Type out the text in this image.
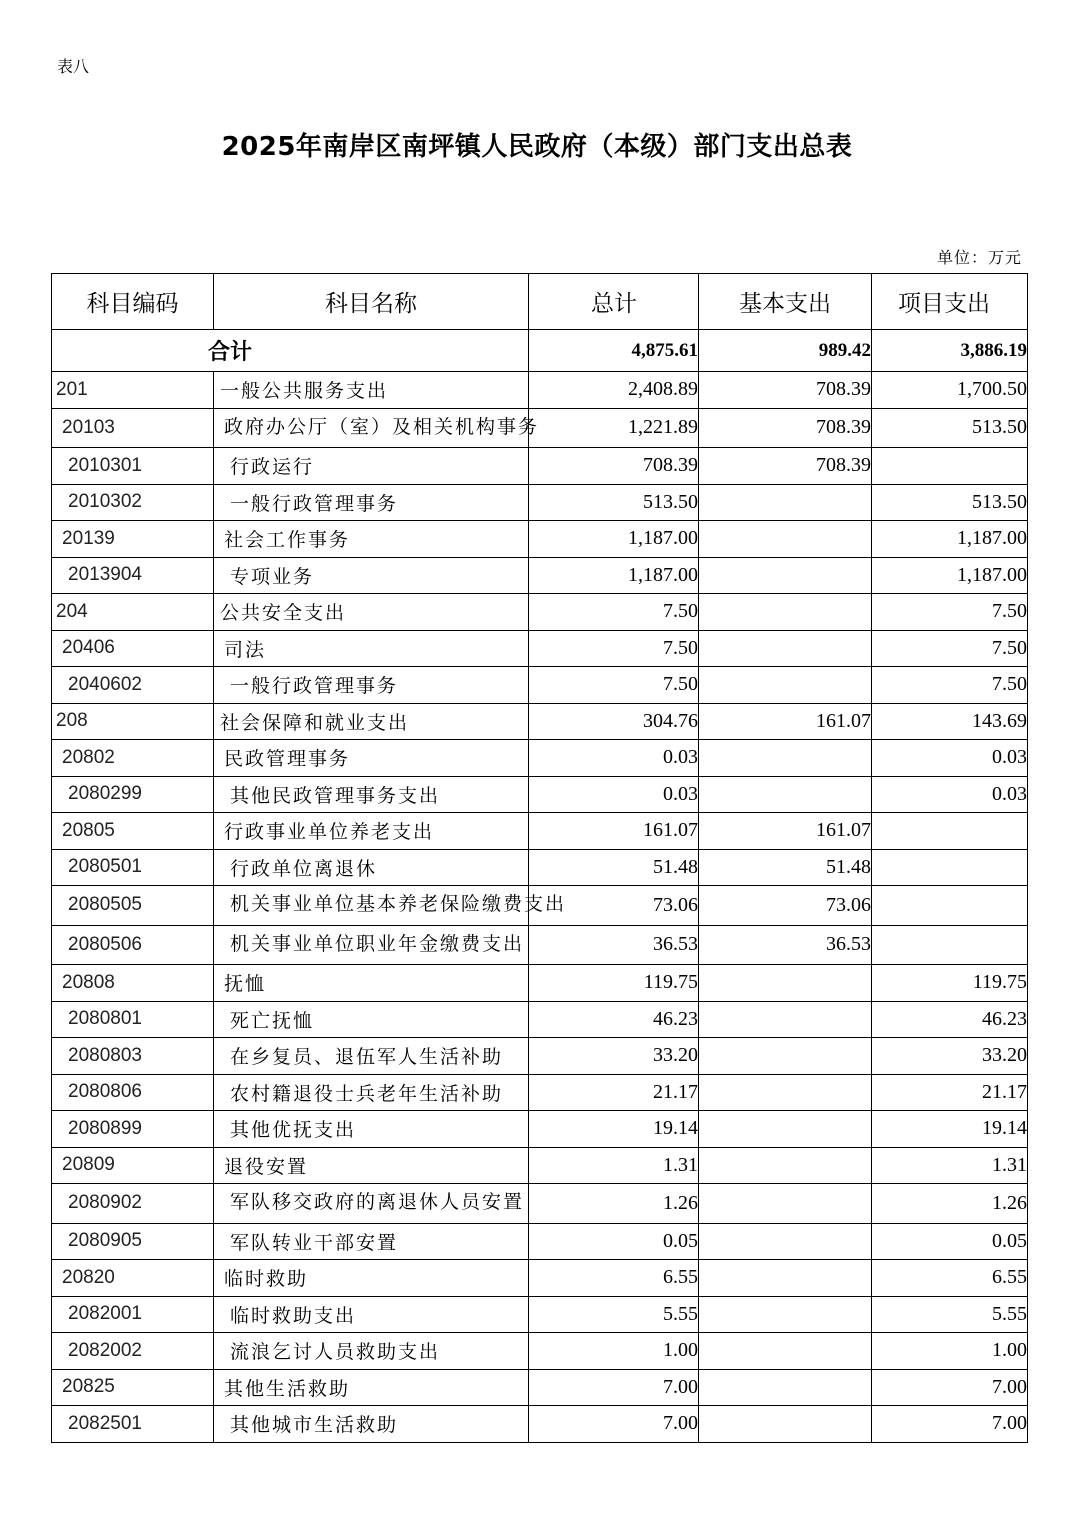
表八
2025年南岸区南坪镇人民政府（本级）部门支出总表
单位：万元
科目编码	科目名称	总计	基本支出	项目支出
合计		4,875.61	989.42	3,886.19
201	一般公共服务支出	2,408.89	708.39	1,700.50
20103	政府办公厅（室）及相关机构事务	1,221.89	708.39	513.50
2010301	行政运行	708.39	708.39	
2010302	一般行政管理事务	513.50		513.50
20139	社会工作事务	1,187.00		1,187.00
2013904	专项业务	1,187.00		1,187.00
204	公共安全支出	7.50		7.50
20406	司法	7.50		7.50
2040602	一般行政管理事务	7.50		7.50
208	社会保障和就业支出	304.76	161.07	143.69
20802	民政管理事务	0.03		0.03
2080299	其他民政管理事务支出	0.03		0.03
20805	行政事业单位养老支出	161.07	161.07	
2080501	行政单位离退休	51.48	51.48	
2080505	机关事业单位基本养老保险缴费支出	73.06	73.06	
2080506	机关事业单位职业年金缴费支出	36.53	36.53	
20808	抚恤	119.75		119.75
2080801	死亡抚恤	46.23		46.23
2080803	在乡复员、退伍军人生活补助	33.20		33.20
2080806	农村籍退役士兵老年生活补助	21.17		21.17
2080899	其他优抚支出	19.14		19.14
20809	退役安置	1.31		1.31
2080902	军队移交政府的离退休人员安置	1.26		1.26
2080905	军队转业干部安置	0.05		0.05
20820	临时救助	6.55		6.55
2082001	临时救助支出	5.55		5.55
2082002	流浪乞讨人员救助支出	1.00		1.00
20825	其他生活救助	7.00		7.00
2082501	其他城市生活救助	7.00		7.00
